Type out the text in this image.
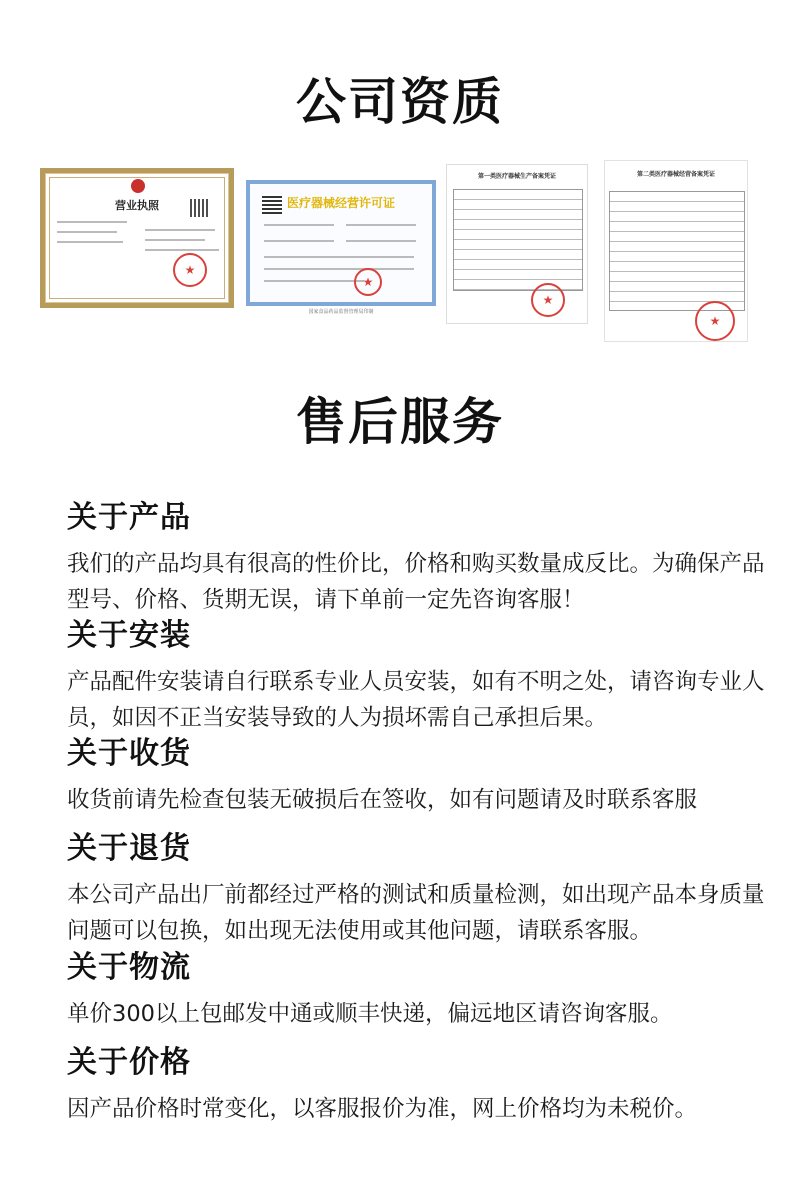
公司资质
营业执照
★
医疗器械经营许可证
★
国家食品药品监督管理局印制
第一类医疗器械生产备案凭证
★
第二类医疗器械经营备案凭证
★
售后服务
关于产品

我们的产品均具有很高的性价比，价格和购买数量成反比。为确保产品型号、价格、货期无误，请下单前一定先咨询客服！

关于安装

产品配件安装请自行联系专业人员安装，如有不明之处，请咨询专业人员，如因不正当安装导致的人为损坏需自己承担后果。

关于收货

收货前请先检查包装无破损后在签收，如有问题请及时联系客服

关于退货

本公司产品出厂前都经过严格的测试和质量检测，如出现产品本身质量问题可以包换，如出现无法使用或其他问题，请联系客服。

关于物流

单价300以上包邮发中通或顺丰快递，偏远地区请咨询客服。

关于价格

因产品价格时常变化，以客服报价为准，网上价格均为未税价。
